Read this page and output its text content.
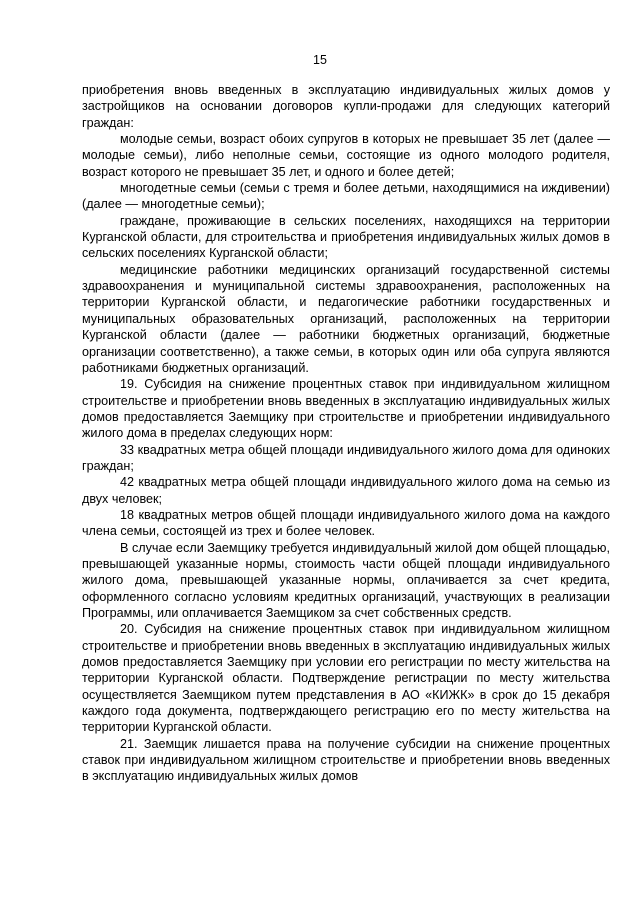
15

приобретения вновь введенных в эксплуатацию индивидуальных жилых домов у застройщиков на основании договоров купли-продажи для следующих категорий граждан:

молодые семьи, возраст обоих супругов в которых не превышает 35 лет (далее — молодые семьи), либо неполные семьи, состоящие из одного молодого родителя, возраст которого не превышает 35 лет, и одного и более детей;

многодетные семьи (семьи с тремя и более детьми, находящимися на иждивении) (далее — многодетные семьи);

граждане, проживающие в сельских поселениях, находящихся на территории Курганской области, для строительства и приобретения индивидуальных жилых домов в сельских поселениях Курганской области;

медицинские работники медицинских организаций государственной системы здравоохранения и муниципальной системы здравоохранения, расположенных на территории Курганской области, и педагогические работники государственных и муниципальных образовательных организаций, расположенных на территории Курганской области (далее — работники бюджетных организаций, бюджетные организации соответственно), а также семьи, в которых один или оба супруга являются работниками бюджетных организаций.

19. Субсидия на снижение процентных ставок при индивидуальном жилищном строительстве и приобретении вновь введенных в эксплуатацию индивидуальных жилых домов предоставляется Заемщику при строительстве и приобретении индивидуального жилого дома в пределах следующих норм:

33 квадратных метра общей площади индивидуального жилого дома для одиноких граждан;

42 квадратных метра общей площади индивидуального жилого дома на семью из двух человек;

18 квадратных метров общей площади индивидуального жилого дома на каждого члена семьи, состоящей из трех и более человек.

В случае если Заемщику требуется индивидуальный жилой дом общей площадью, превышающей указанные нормы, стоимость части общей площади индивидуального жилого дома, превышающей указанные нормы, оплачивается за счет кредита, оформленного согласно условиям кредитных организаций, участвующих в реализации Программы, или оплачивается Заемщиком за счет собственных средств.

20. Субсидия на снижение процентных ставок при индивидуальном жилищном строительстве и приобретении вновь введенных в эксплуатацию индивидуальных жилых домов предоставляется Заемщику при условии его регистрации по месту жительства на территории Курганской области. Подтверждение регистрации по месту жительства осуществляется Заемщиком путем представления в АО «КИЖК» в срок до 15 декабря каждого года документа, подтверждающего регистрацию его по месту жительства на территории Курганской области.

21. Заемщик лишается права на получение субсидии на снижение процентных ставок при индивидуальном жилищном строительстве и приобретении вновь введенных в эксплуатацию индивидуальных жилых домов
